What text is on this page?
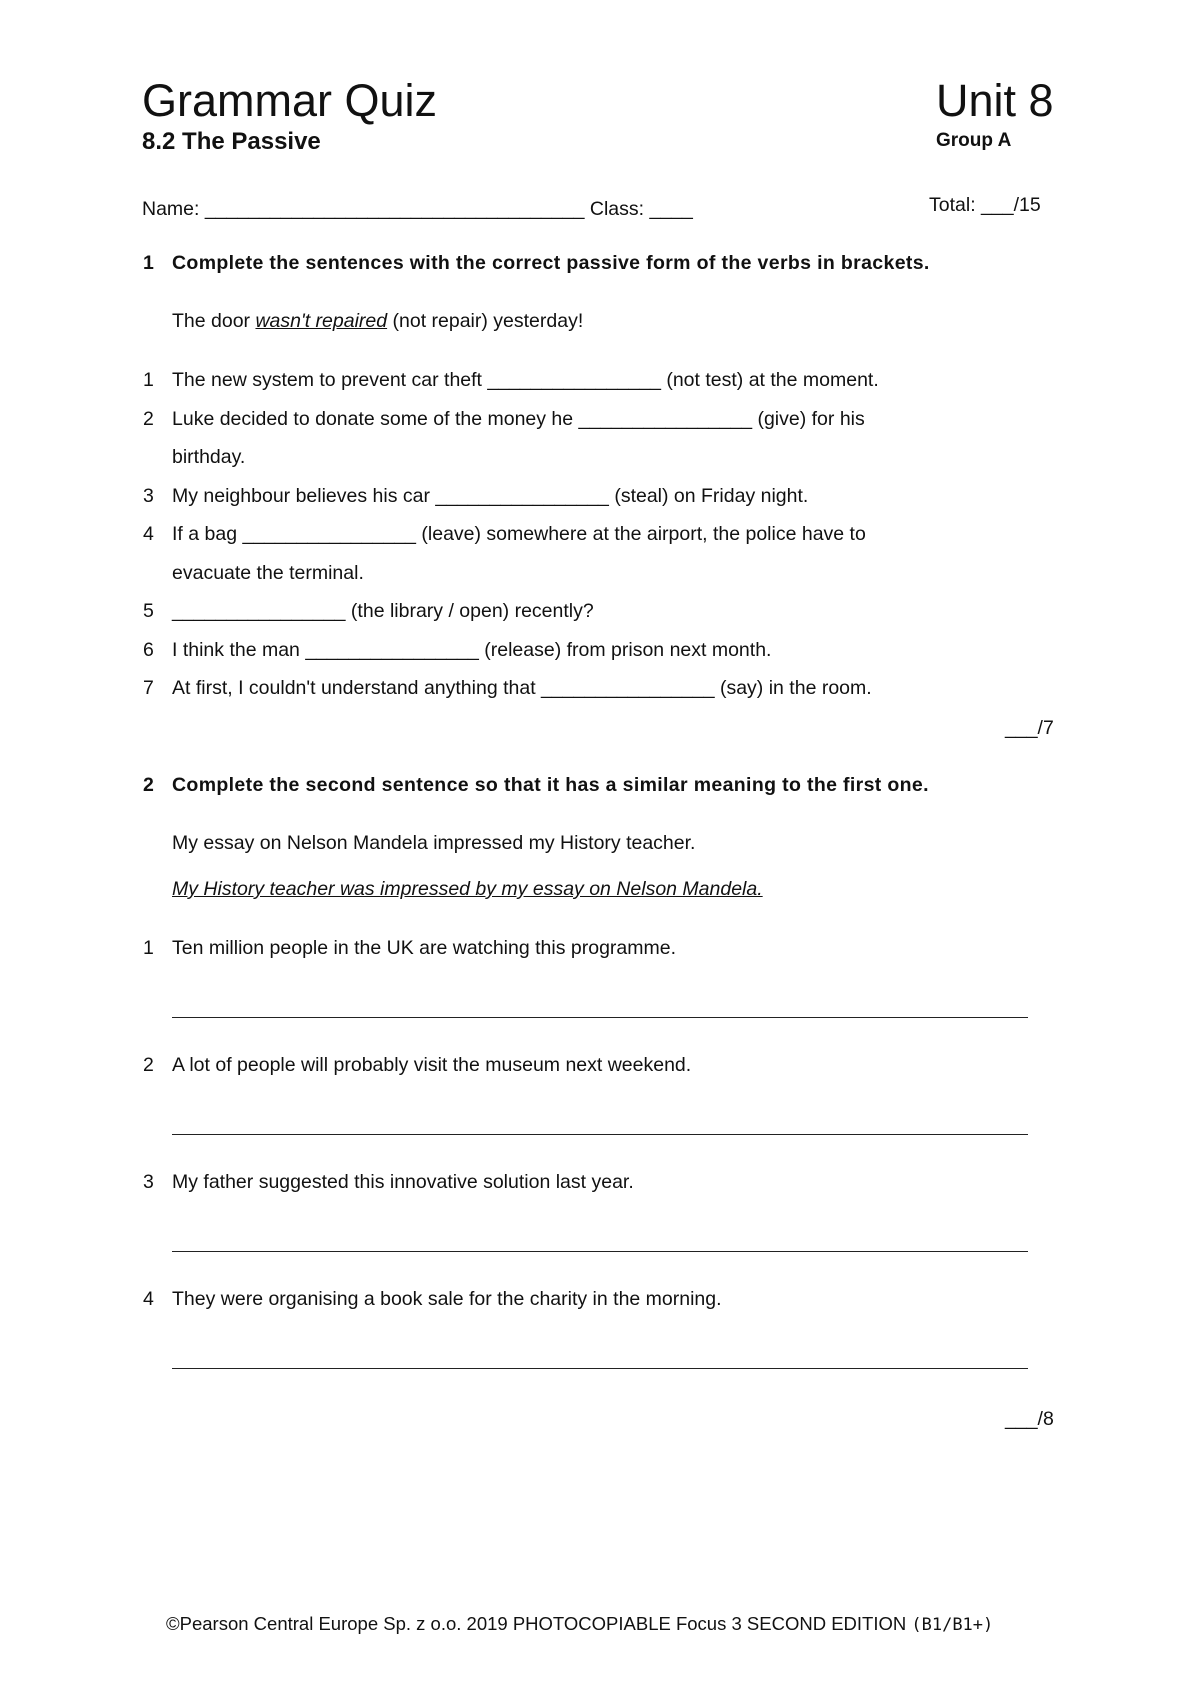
Grammar Quiz	Unit 8
8.2 The Passive	Group A
Name: ___________________________________ Class: ____	Total: ___/15
1 Complete the sentences with the correct passive form of the verbs in brackets.
The door wasn't repaired (not repair) yesterday!
1 The new system to prevent car theft ________________ (not test) at the moment.
2 Luke decided to donate some of the money he ________________ (give) for his
birthday.
3 My neighbour believes his car ________________ (steal) on Friday night.
4 If a bag ________________ (leave) somewhere at the airport, the police have to
evacuate the terminal.
5 ________________ (the library / open) recently?
6 I think the man ________________ (release) from prison next month.
7 At first, I couldn't understand anything that ________________ (say) in the room.
___/7
2 Complete the second sentence so that it has a similar meaning to the first one.
My essay on Nelson Mandela impressed my History teacher.
My History teacher was impressed by my essay on Nelson Mandela.
1 Ten million people in the UK are watching this programme.
2 A lot of people will probably visit the museum next weekend.
3 My father suggested this innovative solution last year.
4 They were organising a book sale for the charity in the morning.
___/8
©Pearson Central Europe Sp. z o.o. 2019 PHOTOCOPIABLE Focus 3 SECOND EDITION (B1/B1+)
